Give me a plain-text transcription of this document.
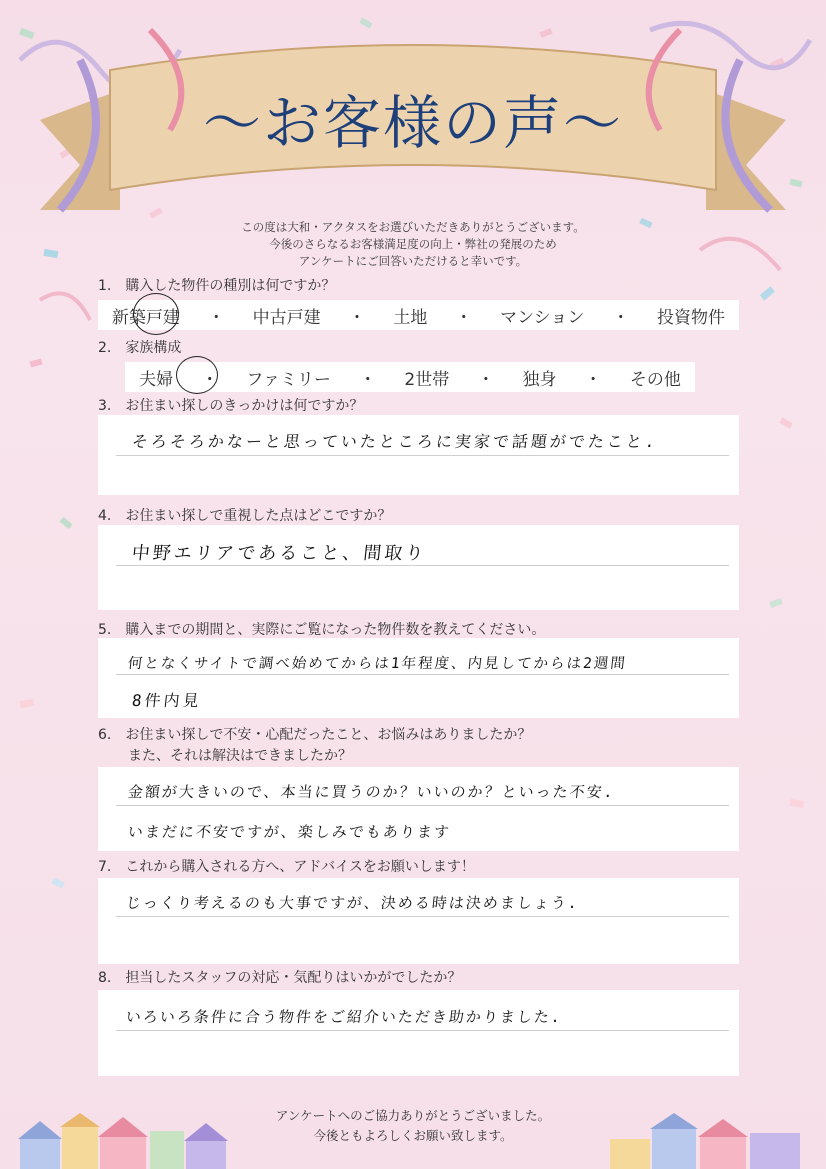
〜お客様の声〜
この度は大和・アクタスをお選びいただきありがとうございます。
今後のさらなるお客様満足度の向上・弊社の発展のため
アンケートにご回答いただけると幸いです。
1.　購入した物件の種別は何ですか？
新築戸建 ・ 中古戸建 ・ 土地 ・ マンション ・ 投資物件
2.　家族構成
夫婦 ・ ファミリー ・ 2世帯 ・ 独身 ・ その他
3.　お住まい探しのきっかけは何ですか？
そろそろかなーと思っていたところに実家で話題がでたこと.
4.　お住まい探しで重視した点はどこですか？
中野エリアであること、間取り
5.　購入までの期間と、実際にご覧になった物件数を教えてください。
何となくサイトで調べ始めてからは1年程度、内見してからは2週間
8件内見
6.　お住まい探しで不安・心配だったこと、お悩みはありましたか？
また、それは解決はできましたか？
金額が大きいので、本当に買うのか？いいのか？といった不安.
いまだに不安ですが、楽しみでもあります
7.　これから購入される方へ、アドバイスをお願いします！
じっくり考えるのも大事ですが、決める時は決めましょう.
8.　担当したスタッフの対応・気配りはいかがでしたか？
いろいろ条件に合う物件をご紹介いただき助かりました.
アンケートへのご協力ありがとうございました。
今後ともよろしくお願い致します。
